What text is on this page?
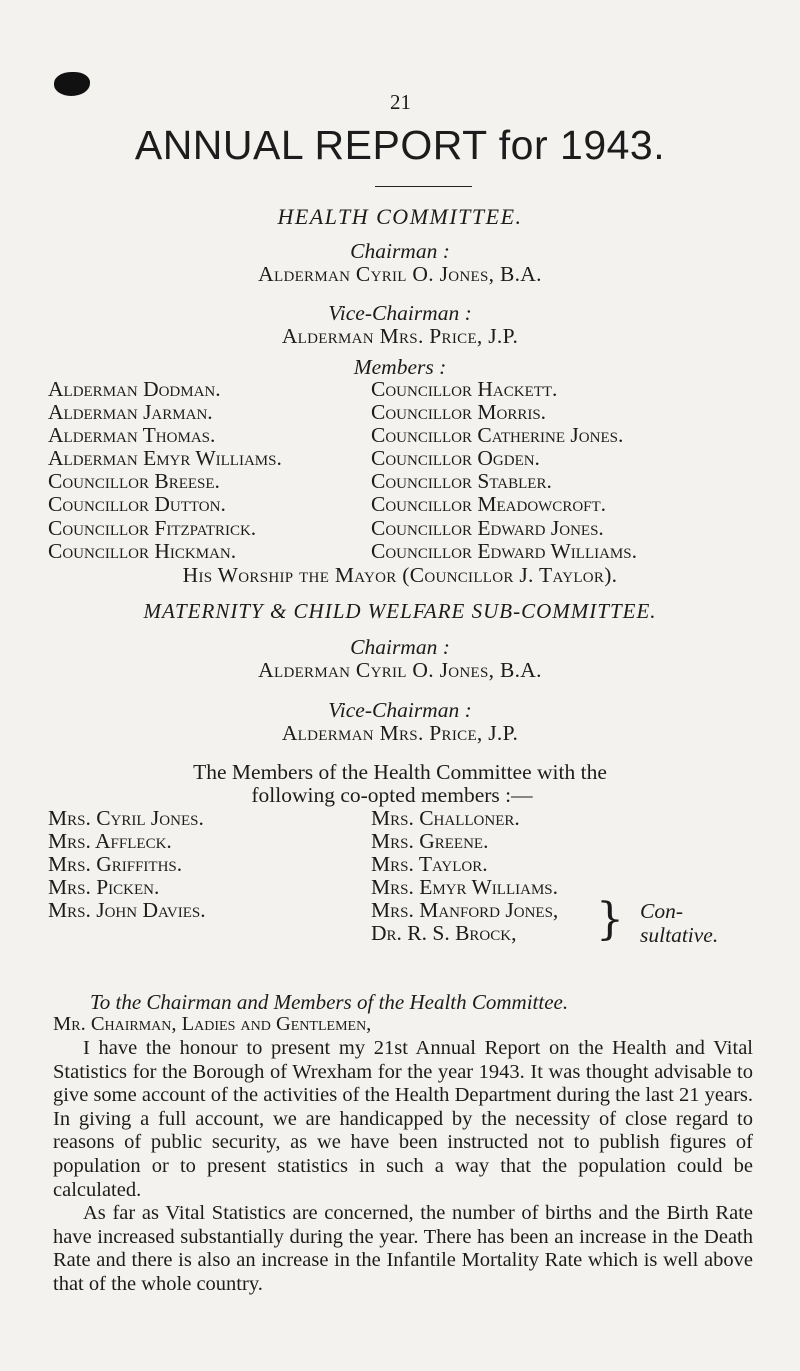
21
ANNUAL REPORT for 1943.
HEALTH COMMITTEE.
Chairman :
Alderman Cyril O. Jones, B.A.
Vice-Chairman :
Alderman Mrs. Price, J.P.
Members :
Alderman Dodman.
Alderman Jarman.
Alderman Thomas.
Alderman Emyr Williams.
Councillor Breese.
Councillor Dutton.
Councillor Fitzpatrick.
Councillor Hickman.
Councillor Hackett.
Councillor Morris.
Councillor Catherine Jones.
Councillor Ogden.
Councillor Stabler.
Councillor Meadowcroft.
Councillor Edward Jones.
Councillor Edward Williams.
His Worship the Mayor (Councillor J. Taylor).
MATERNITY & CHILD WELFARE SUB-COMMITTEE.
Chairman :
Alderman Cyril O. Jones, B.A.
Vice-Chairman :
Alderman Mrs. Price, J.P.
The Members of the Health Committee with the
following co-opted members :—
Mrs. Cyril Jones.
Mrs. Affleck.
Mrs. Griffiths.
Mrs. Picken.
Mrs. John Davies.
Mrs. Challoner.
Mrs. Greene.
Mrs. Taylor.
Mrs. Emyr Williams.
Mrs. Manford Jones,
Dr. R. S. Brock,	} Con-
sultative.
To the Chairman and Members of the Health Committee.
Mr. Chairman, Ladies and Gentlemen,

I have the honour to present my 21st Annual Report on the Health and Vital Statistics for the Borough of Wrexham for the year 1943. It was thought advisable to give some account of the activities of the Health Department during the last 21 years. In giving a full account, we are handicapped by the necessity of close regard to reasons of public security, as we have been instructed not to publish figures of population or to present statistics in such a way that the population could be calculated.

As far as Vital Statistics are concerned, the number of births and the Birth Rate have increased substantially during the year. There has been an increase in the Death Rate and there is also an increase in the Infantile Mortality Rate which is well above that of the whole country.
